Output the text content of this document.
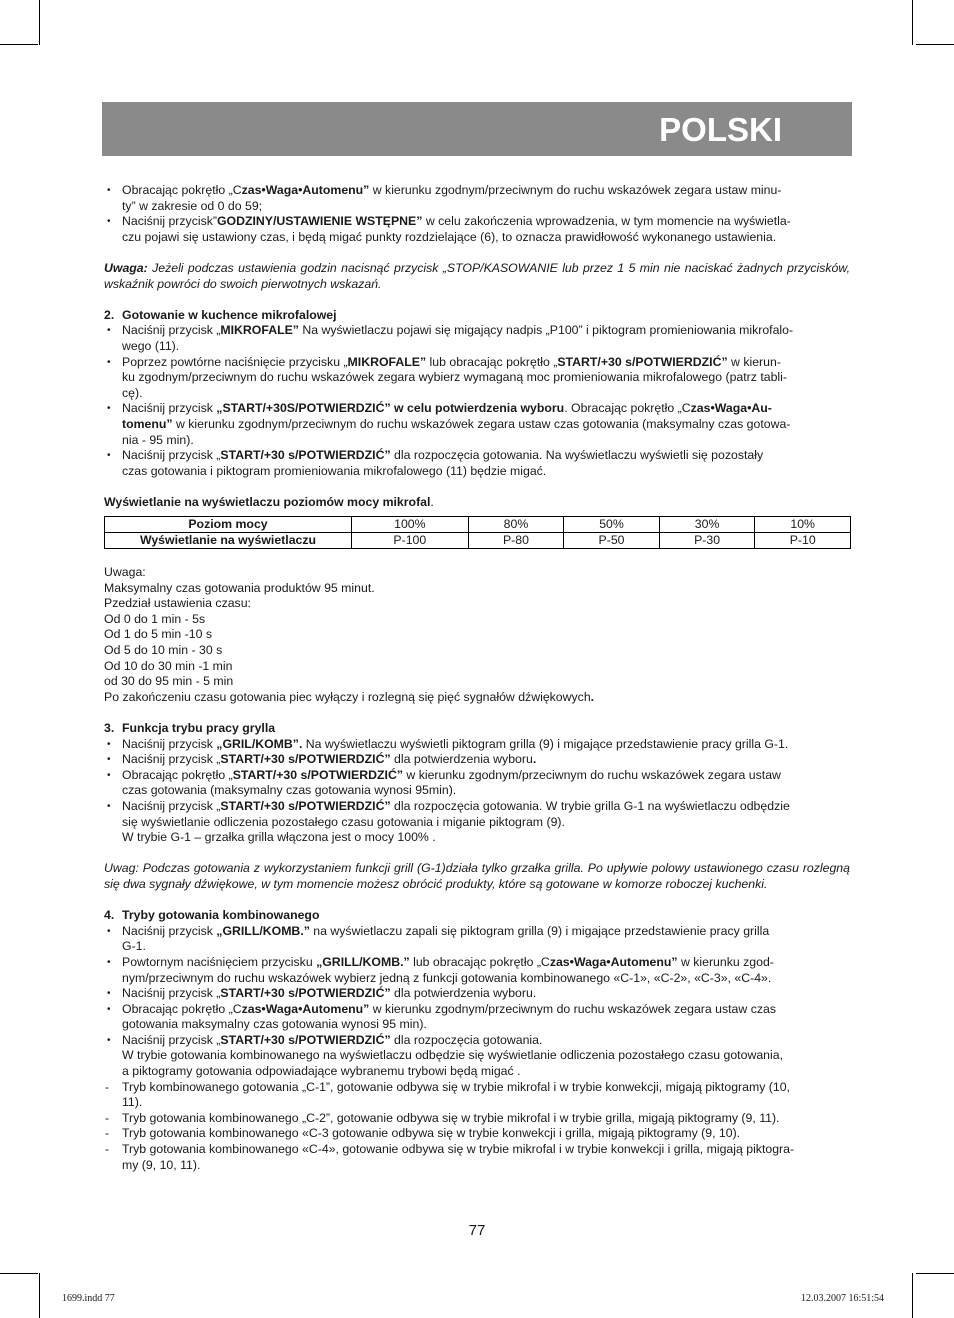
POLSKI

• Obracając pokrętło „Czas•Waga•Automenu” w kierunku zgodnym/przeciwnym do ruchu wskazówek zegara ustaw minu-
ty” w zakresie od 0 do 59;

• Naciśnij przycisk”GODZINY/USTAWIENIE WSTĘPNE” w celu zakończenia wprowadzenia, w tym momencie na wyświetla-
czu pojawi się ustawiony czas, i będą migać punkty rozdzielające (6), to oznacza prawidłowość wykonanego ustawienia.

Uwaga: Jeżeli podczas ustawienia godzin nacisnąć przycisk „STOP/KASOWANIE lub przez 1 5 min nie naciskać żadnych przycisków, wskaźnik powróci do swoich pierwotnych wskazań.

2. Gotowanie w kuchence mikrofalowej

• Naciśnij przycisk „MIKROFALE” Na wyświetlaczu pojawi się migający nadpis „P100” i piktogram promieniowania mikrofalo-
wego (11).

• Poprzez powtórne naciśnięcie przycisku „MIKROFALE” lub obracając pokrętło „START/+30 s/POTWIERDZIĆ” w kierun-
ku zgodnym/przeciwnym do ruchu wskazówek zegara wybierz wymaganą moc promieniowania mikrofalowego (patrz tabli-
cę).

• Naciśnij przycisk „START/+30S/POTWIERDZIĆ” w celu potwierdzenia wyboru. Obracając pokrętło „Czas•Waga•Au-
tomenu” w kierunku zgodnym/przeciwnym do ruchu wskazówek zegara ustaw czas gotowania (maksymalny czas gotowa-
nia - 95 min).

• Naciśnij przycisk „START/+30 s/POTWIERDZIĆ” dla rozpoczęcia gotowania. Na wyświetlaczu wyświetli się pozostały
czas gotowania i piktogram promieniowania mikrofalowego (11) będzie migać.

Wyświetlanie na wyświetlaczu poziomów mocy mikrofal.

Poziom mocy	100%	80%	50%	30%	10%
Wyświetlanie na wyświetlaczu	P-100	P-80	P-50	P-30	P-10

Uwaga:

Maksymalny czas gotowania produktów 95 minut.

Pzedział ustawienia czasu:

Od 0 do 1 min - 5s

Od 1 do 5 min -10 s

Od 5 do 10 min - 30 s

Od 10 do 30 min -1 min

od 30 do 95 min - 5 min

Po zakończeniu czasu gotowania piec wyłączy i rozlegną się pięć sygnałów dźwiękowych.

3. Funkcja trybu pracy grylla

• Naciśnij przycisk „GRIL/KOMB”. Na wyświetlaczu wyświetli piktogram grilla (9) i migające przedstawienie pracy grilla G-1.

• Naciśnij przycisk „START/+30 s/POTWIERDZIĆ” dla potwierdzenia wyboru.

• Obracając pokrętło „START/+30 s/POTWIERDZIĆ” w kierunku zgodnym/przeciwnym do ruchu wskazówek zegara ustaw
czas gotowania (maksymalny czas gotowania wynosi 95min).

• Naciśnij przycisk „START/+30 s/POTWIERDZIĆ” dla rozpoczęcia gotowania. W trybie grilla G-1 na wyświetlaczu odbędzie
się wyświetlanie odliczenia pozostałego czasu gotowania i miganie piktogram (9).
W trybie G-1 – grzałka grilla włączona jest o mocy 100% .

Uwag: Podczas gotowania z wykorzystaniem funkcji grill (G-1)działa tylko grzałka grilla. Po upływie polowy ustawionego czasu rozlegną się dwa sygnały dźwiękowe, w tym momencie możesz obrócić produkty, które są gotowane w komorze roboczej kuchenki.

4. Tryby gotowania kombinowanego

• Naciśnij przycisk „GRILL/KOMB.” na wyświetlaczu zapali się piktogram grilla (9) i migające przedstawienie pracy grilla
G-1.

• Powtornym naciśnięciem przycisku „GRILL/KOMB.” lub obracając pokrętło „Czas•Waga•Automenu” w kierunku zgod-
nym/przeciwnym do ruchu wskazówek wybierz jedną z funkcji gotowania kombinowanego «C-1», «C-2», «C-3», «C-4».

• Naciśnij przycisk „START/+30 s/POTWIERDZIĆ” dla potwierdzenia wyboru.

• Obracając pokrętło „Czas•Waga•Automenu” w kierunku zgodnym/przeciwnym do ruchu wskazówek zegara ustaw czas
gotowania maksymalny czas gotowania wynosi 95 min).

• Naciśnij przycisk „START/+30 s/POTWIERDZIĆ” dla rozpoczęcia gotowania.
W trybie gotowania kombinowanego na wyświetlaczu odbędzie się wyświetlanie odliczenia pozostałego czasu gotowania,
a piktogramy gotowania odpowiadające wybranemu trybowi będą migać .

- Tryb kombinowanego gotowania „C-1”, gotowanie odbywa się w trybie mikrofal i w trybie konwekcji, migają piktogramy (10,
11).

- Tryb gotowania kombinowanego „C-2”, gotowanie odbywa się w trybie mikrofal i w trybie grilla, migają piktogramy (9, 11).

- Tryb gotowania kombinowanego «C-3 gotowanie odbywa się w trybie konwekcji i grilla, migają piktogramy (9, 10).

- Tryb gotowania kombinowanego «C-4», gotowanie odbywa się w trybie mikrofal i w trybie konwekcji i grilla, migają piktogra-
my (9, 10, 11).

77
1699.indd 77	12.03.2007 16:51:54
